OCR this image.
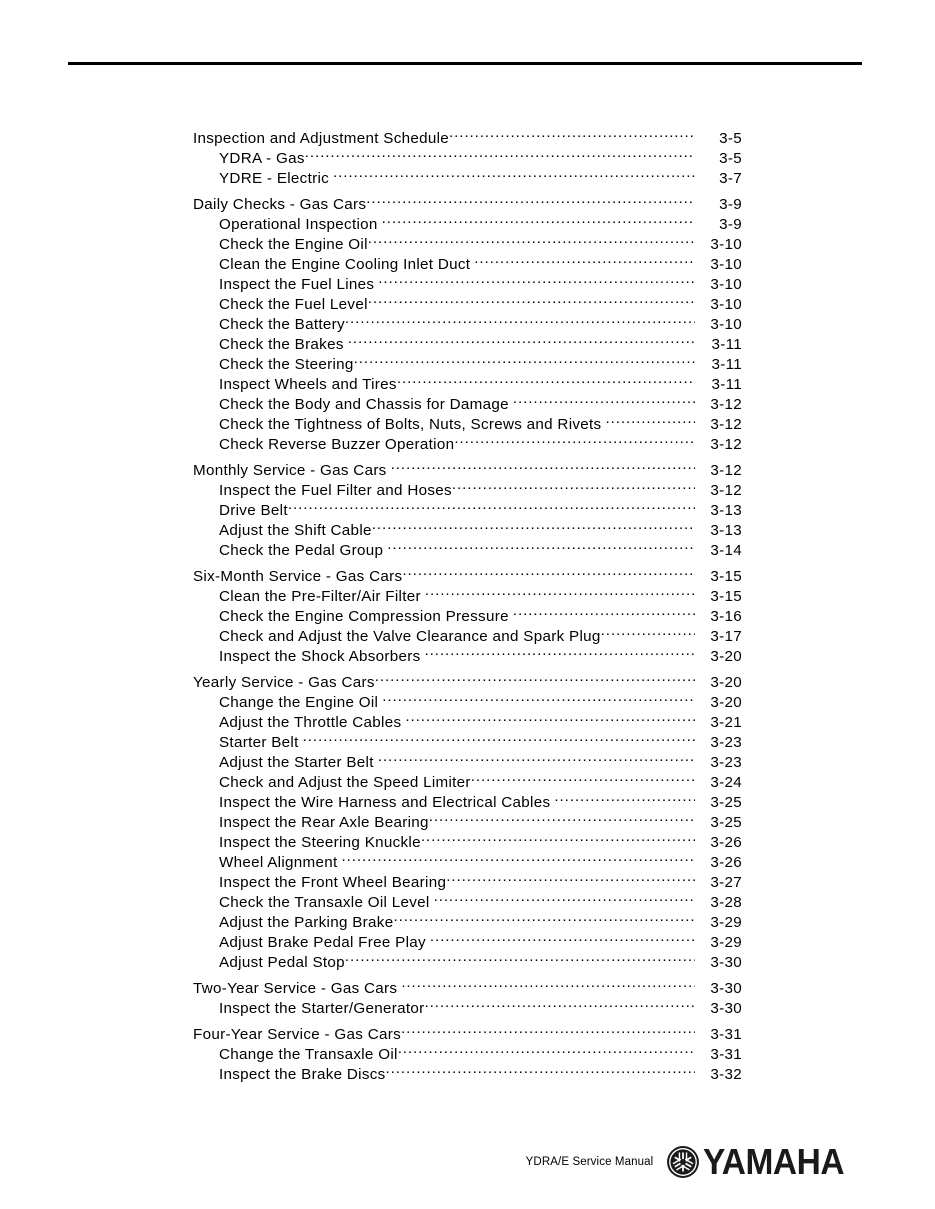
Inspection and Adjustment Schedule .....	3-5
YDRA - Gas .....	3-5
YDRE - Electric .....	3-7
Daily Checks - Gas Cars .....	3-9
Operational Inspection .....	3-9
Check the Engine Oil .....	3-10
Clean the Engine Cooling Inlet Duct .....	3-10
Inspect the Fuel Lines .....	3-10
Check the Fuel Level .....	3-10
Check the Battery .....	3-10
Check the Brakes .....	3-11
Check the Steering .....	3-11
Inspect Wheels and Tires .....	3-11
Check the Body and Chassis for Damage .....	3-12
Check the Tightness of Bolts, Nuts, Screws and Rivets .....	3-12
Check Reverse Buzzer Operation .....	3-12
Monthly Service - Gas Cars .....	3-12
Inspect the Fuel Filter and Hoses .....	3-12
Drive Belt .....	3-13
Adjust the Shift Cable .....	3-13
Check the Pedal Group .....	3-14
Six-Month Service - Gas Cars .....	3-15
Clean the Pre-Filter/Air Filter .....	3-15
Check the Engine Compression Pressure .....	3-16
Check and Adjust the Valve Clearance and Spark Plug .....	3-17
Inspect the Shock Absorbers .....	3-20
Yearly Service - Gas Cars .....	3-20
Change the Engine Oil .....	3-20
Adjust the Throttle Cables .....	3-21
Starter Belt .....	3-23
Adjust the Starter Belt .....	3-23
Check and Adjust the Speed Limiter .....	3-24
Inspect the Wire Harness and Electrical Cables .....	3-25
Inspect the Rear Axle Bearing .....	3-25
Inspect the Steering Knuckle .....	3-26
Wheel Alignment .....	3-26
Inspect the Front Wheel Bearing .....	3-27
Check the Transaxle Oil Level .....	3-28
Adjust the Parking Brake .....	3-29
Adjust Brake Pedal Free Play .....	3-29
Adjust Pedal Stop .....	3-30
Two-Year Service - Gas Cars .....	3-30
Inspect the Starter/Generator .....	3-30
Four-Year Service - Gas Cars .....	3-31
Change the Transaxle Oil .....	3-31
Inspect the Brake Discs .....	3-32
YDRA/E Service Manual YAMAHA
